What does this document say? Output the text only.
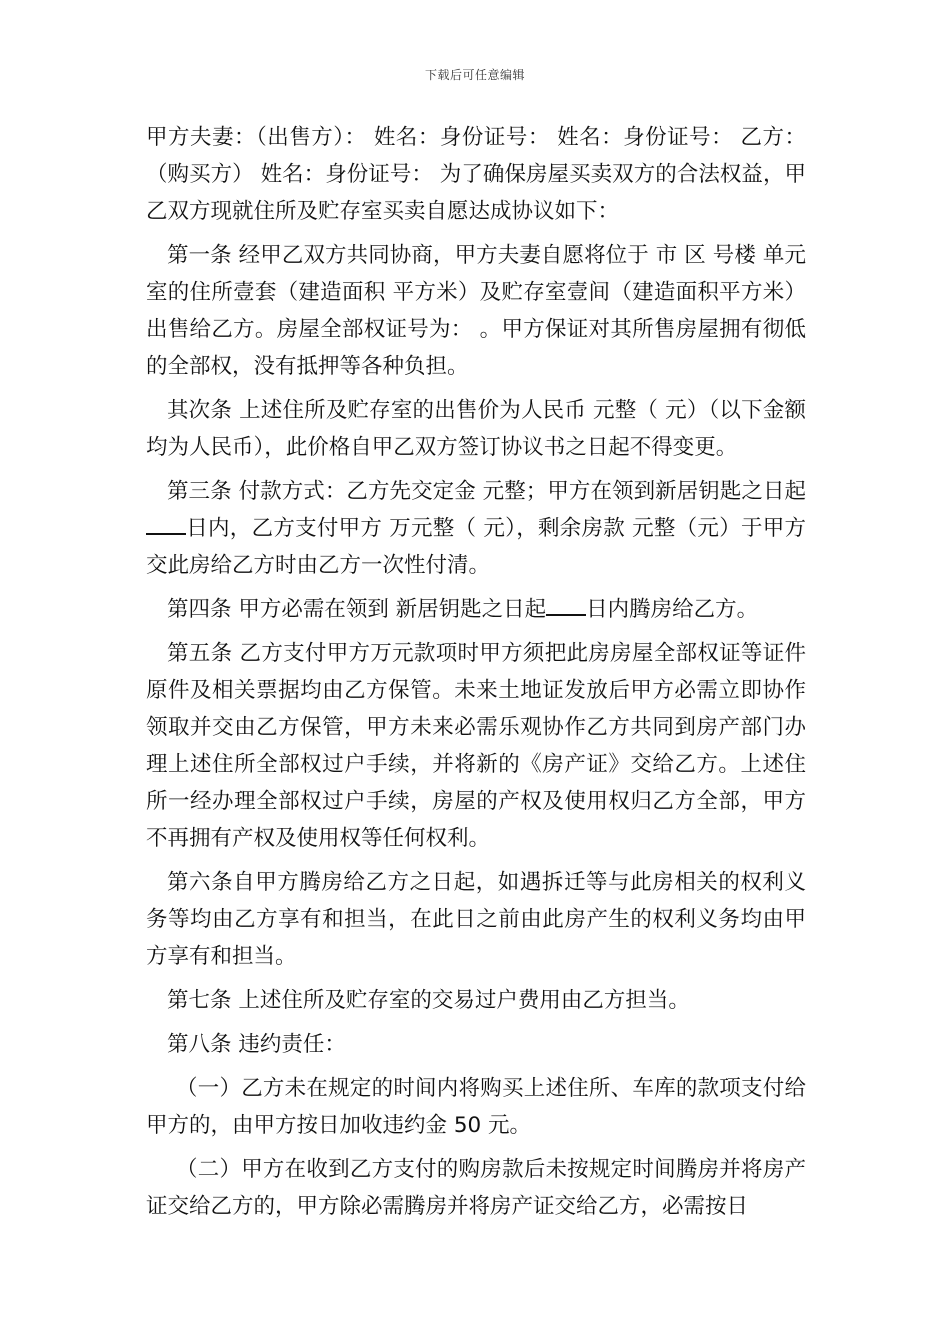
下载后可任意编辑

甲方夫妻：（出售方）： 姓名：身份证号： 姓名：身份证号： 乙方：（购买方） 姓名：身份证号： 为了确保房屋买卖双方的合法权益，甲乙双方现就住所及贮存室买卖自愿达成协议如下：

第一条 经甲乙双方共同协商，甲方夫妻自愿将位于 市 区 号楼 单元 室的住所壹套（建造面积 平方米）及贮存室壹间（建造面积平方米）出售给乙方。房屋全部权证号为： 。甲方保证对其所售房屋拥有彻低的全部权，没有抵押等各种负担。

其次条 上述住所及贮存室的出售价为人民币 元整（ 元）（以下金额均为人民币），此价格自甲乙双方签订协议书之日起不得变更。

第三条 付款方式：乙方先交定金 元整；甲方在领到新居钥匙之日起日内，乙方支付甲方 万元整（ 元），剩余房款 元整（元）于甲方交此房给乙方时由乙方一次性付清。

第四条 甲方必需在领到 新居钥匙之日起 日内腾房给乙方。

第五条 乙方支付甲方万元款项时甲方须把此房房屋全部权证等证件原件及相关票据均由乙方保管。未来土地证发放后甲方必需立即协作领取并交由乙方保管，甲方未来必需乐观协作乙方共同到房产部门办理上述住所全部权过户手续，并将新的《房产证》交给乙方。上述住所一经办理全部权过户手续，房屋的产权及使用权归乙方全部，甲方不再拥有产权及使用权等任何权利。

第六条自甲方腾房给乙方之日起，如遇拆迁等与此房相关的权利义务等均由乙方享有和担当，在此日之前由此房产生的权利义务均由甲方享有和担当。

第七条 上述住所及贮存室的交易过户费用由乙方担当。

第八条 违约责任：

（一）乙方未在规定的时间内将购买上述住所、车库的款项支付给甲方的，由甲方按日加收违约金 50 元。

（二）甲方在收到乙方支付的购房款后未按规定时间腾房并将房产证交给乙方的，甲方除必需腾房并将房产证交给乙方，必需按日
